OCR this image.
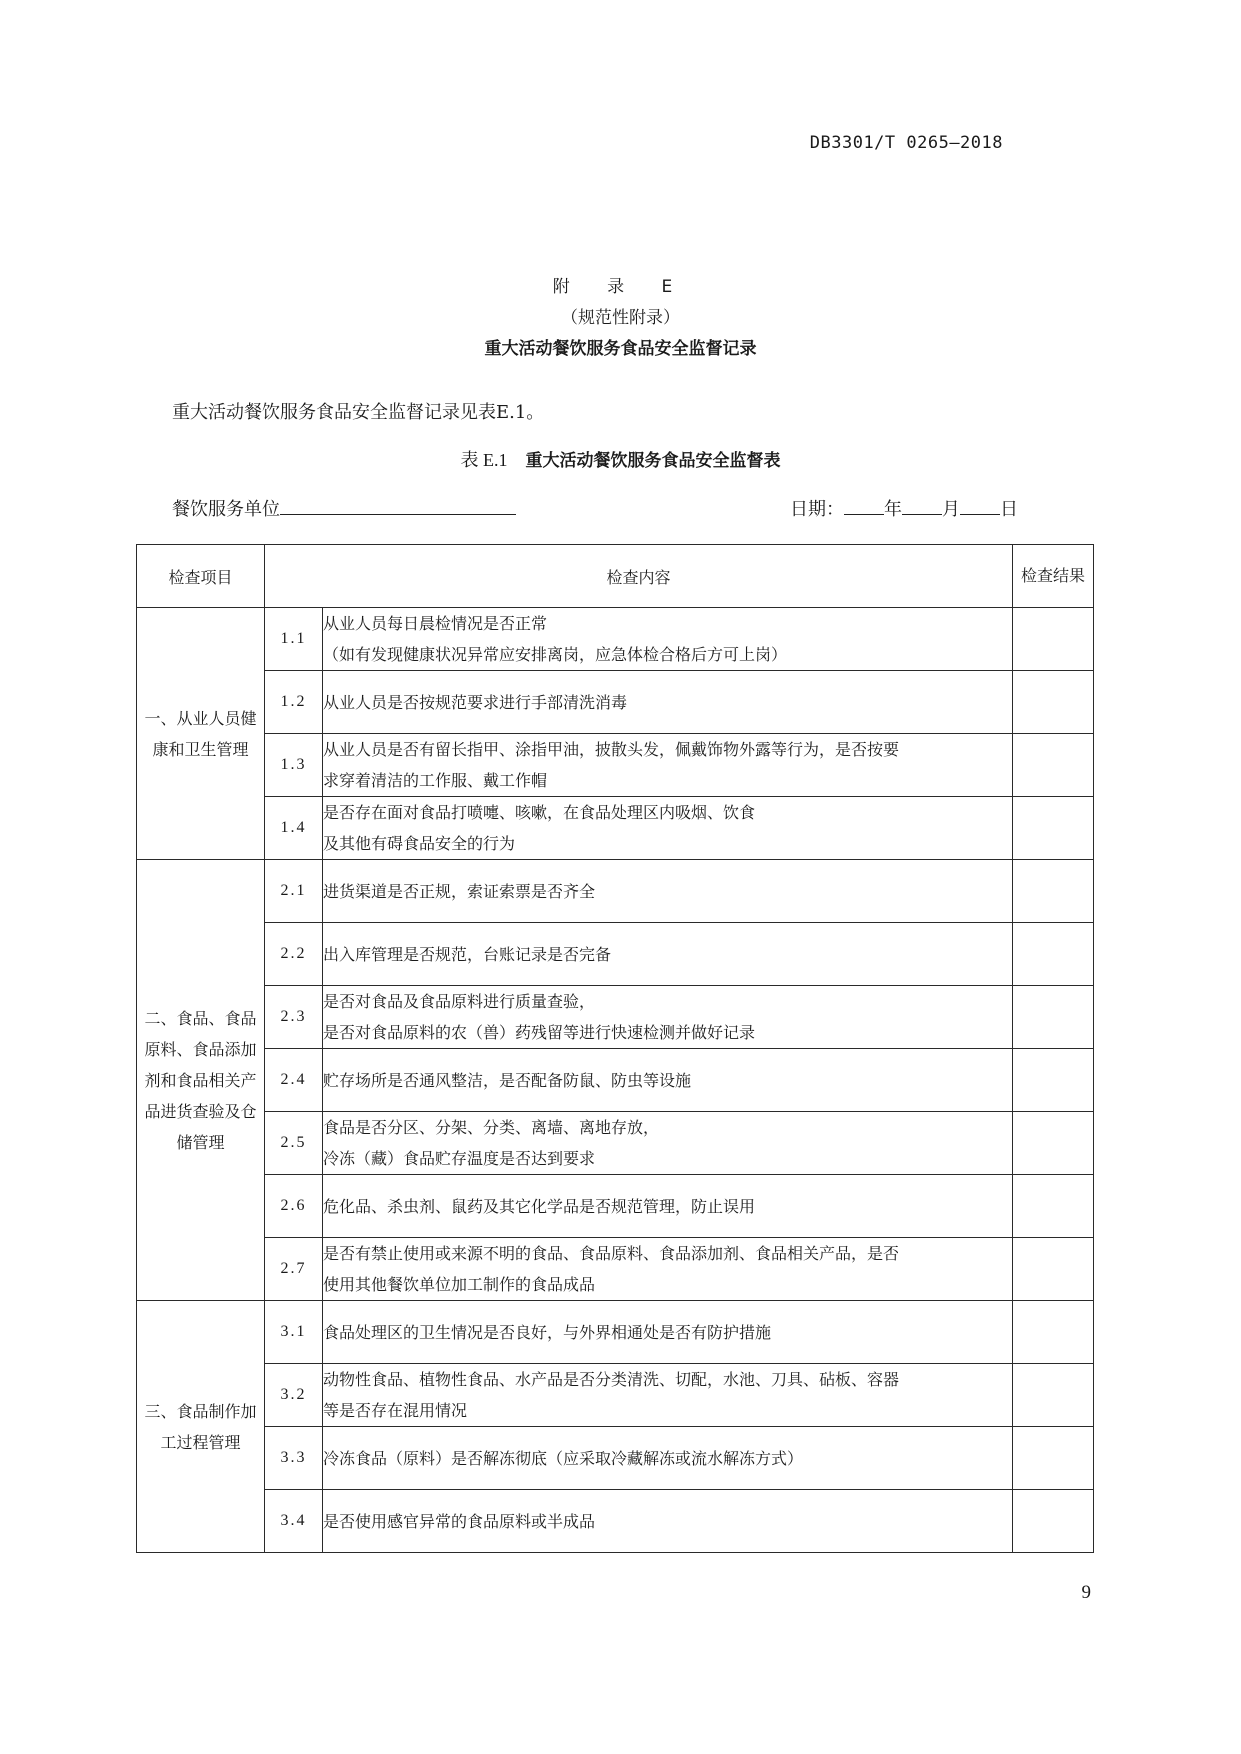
DB3301/T 0265—2018
附 录 E
（规范性附录）
重大活动餐饮服务食品安全监督记录
重大活动餐饮服务食品安全监督记录见表E.1。
表 E.1 重大活动餐饮服务食品安全监督表
餐饮服务单位	日期： 年 月 日
检查项目	检查内容		检查结果
一、从业人员健康和卫生管理	1.1	从业人员每日晨检情况是否正常
（如有发现健康状况异常应安排离岗，应急体检合格后方可上岗）	

	1.2	从业人员是否按规范要求进行手部清洗消毒	

	1.3	从业人员是否有留长指甲、涂指甲油，披散头发，佩戴饰物外露等行为，是否按要
求穿着清洁的工作服、戴工作帽	

	1.4	是否存在面对食品打喷嚏、咳嗽，在食品处理区内吸烟、饮食
及其他有碍食品安全的行为	

二、食品、食品原料、食品添加剂和食品相关产品进货查验及仓储管理	2.1	进货渠道是否正规，索证索票是否齐全	

	2.2	出入库管理是否规范，台账记录是否完备	

	2.3	是否对食品及食品原料进行质量查验，
是否对食品原料的农（兽）药残留等进行快速检测并做好记录	

	2.4	贮存场所是否通风整洁，是否配备防鼠、防虫等设施	

	2.5	食品是否分区、分架、分类、离墙、离地存放，
冷冻（藏）食品贮存温度是否达到要求	

	2.6	危化品、杀虫剂、鼠药及其它化学品是否规范管理，防止误用	

	2.7	是否有禁止使用或来源不明的食品、食品原料、食品添加剂、食品相关产品，是否
使用其他餐饮单位加工制作的食品成品	

三、食品制作加工过程管理	3.1	食品处理区的卫生情况是否良好，与外界相通处是否有防护措施	

	3.2	动物性食品、植物性食品、水产品是否分类清洗、切配，水池、刀具、砧板、容器
等是否存在混用情况	

	3.3	冷冻食品（原料）是否解冻彻底（应采取冷藏解冻或流水解冻方式）	

	3.4	是否使用感官异常的食品原料或半成品	

9
